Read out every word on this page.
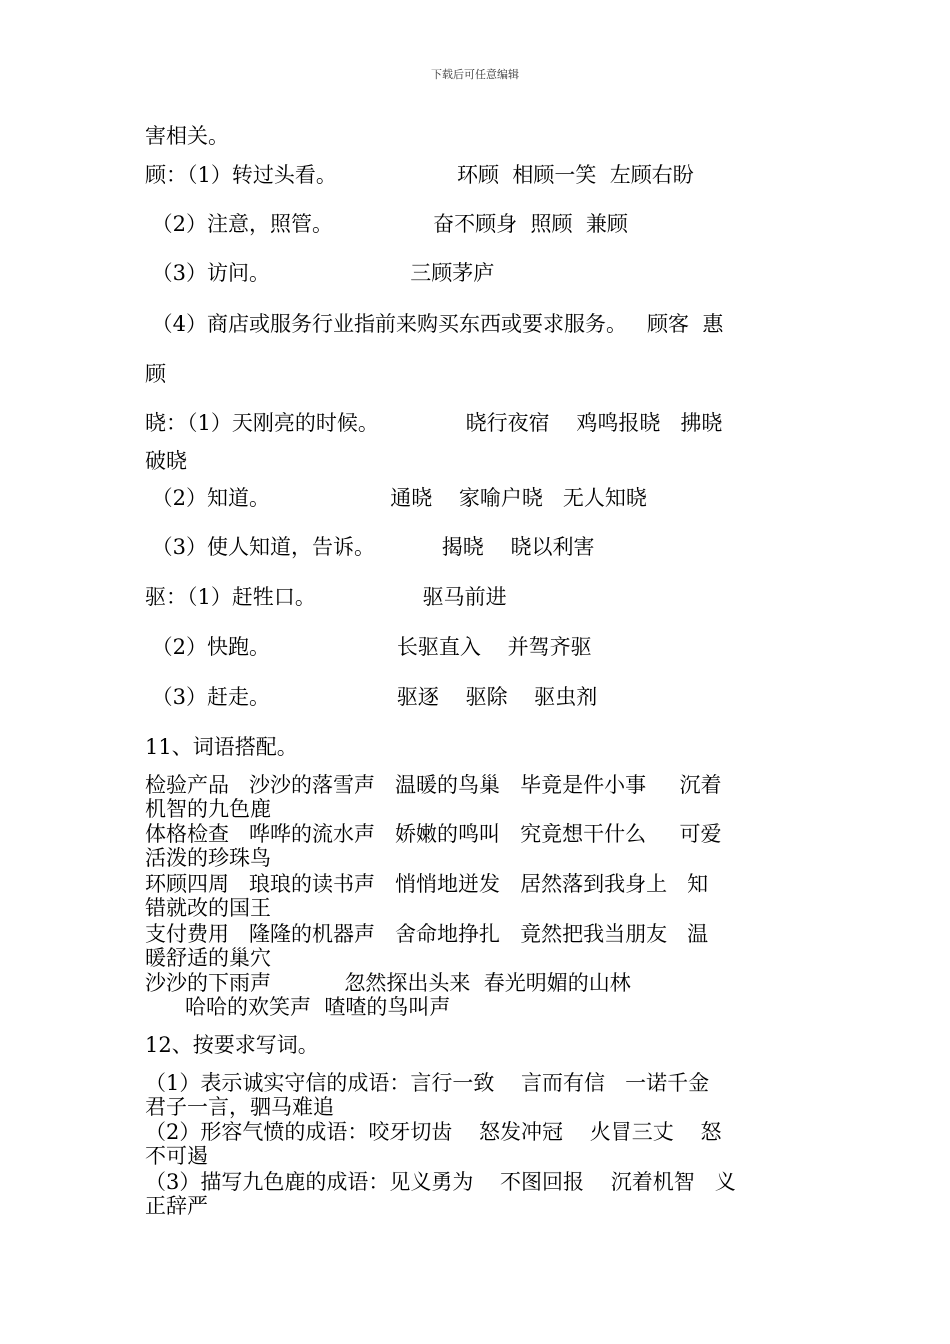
下载后可任意编辑
害相关。
顾：（1）转过头看。                  环顾  相顾一笑  左顾右盼
（2）注意，照管。               奋不顾身  照顾  兼顾
（3）访问。                     三顾茅庐
（4）商店或服务行业指前来购买东西或要求服务。   顾客  惠
顾
晓：（1）天刚亮的时候。             晓行夜宿    鸡鸣报晓   拂晓
破晓
（2）知道。                  通晓    家喻户晓   无人知晓
（3）使人知道，告诉。          揭晓    晓以利害
驱：（1）赶牲口。                驱马前进
（2）快跑。                   长驱直入    并驾齐驱
（3）赶走。                   驱逐    驱除    驱虫剂
11、词语搭配。
检验产品   沙沙的落雪声   温暖的鸟巢   毕竟是件小事     沉着
机智的九色鹿
体格检查   哗哗的流水声   娇嫩的鸣叫   究竟想干什么     可爱
活泼的珍珠鸟
环顾四周   琅琅的读书声   悄悄地迸发   居然落到我身上   知
错就改的国王
支付费用   隆隆的机器声   舍命地挣扎   竟然把我当朋友   温
暖舒适的巢穴
沙沙的下雨声           忽然探出头来  春光明媚的山林
哈哈的欢笑声  喳喳的鸟叫声
12、按要求写词。
（1）表示诚实守信的成语：言行一致    言而有信   一诺千金
君子一言，驷马难追
（2）形容气愤的成语：咬牙切齿    怒发冲冠    火冒三丈    怒
不可遏
（3）描写九色鹿的成语：见义勇为    不图回报    沉着机智   义
正辞严
